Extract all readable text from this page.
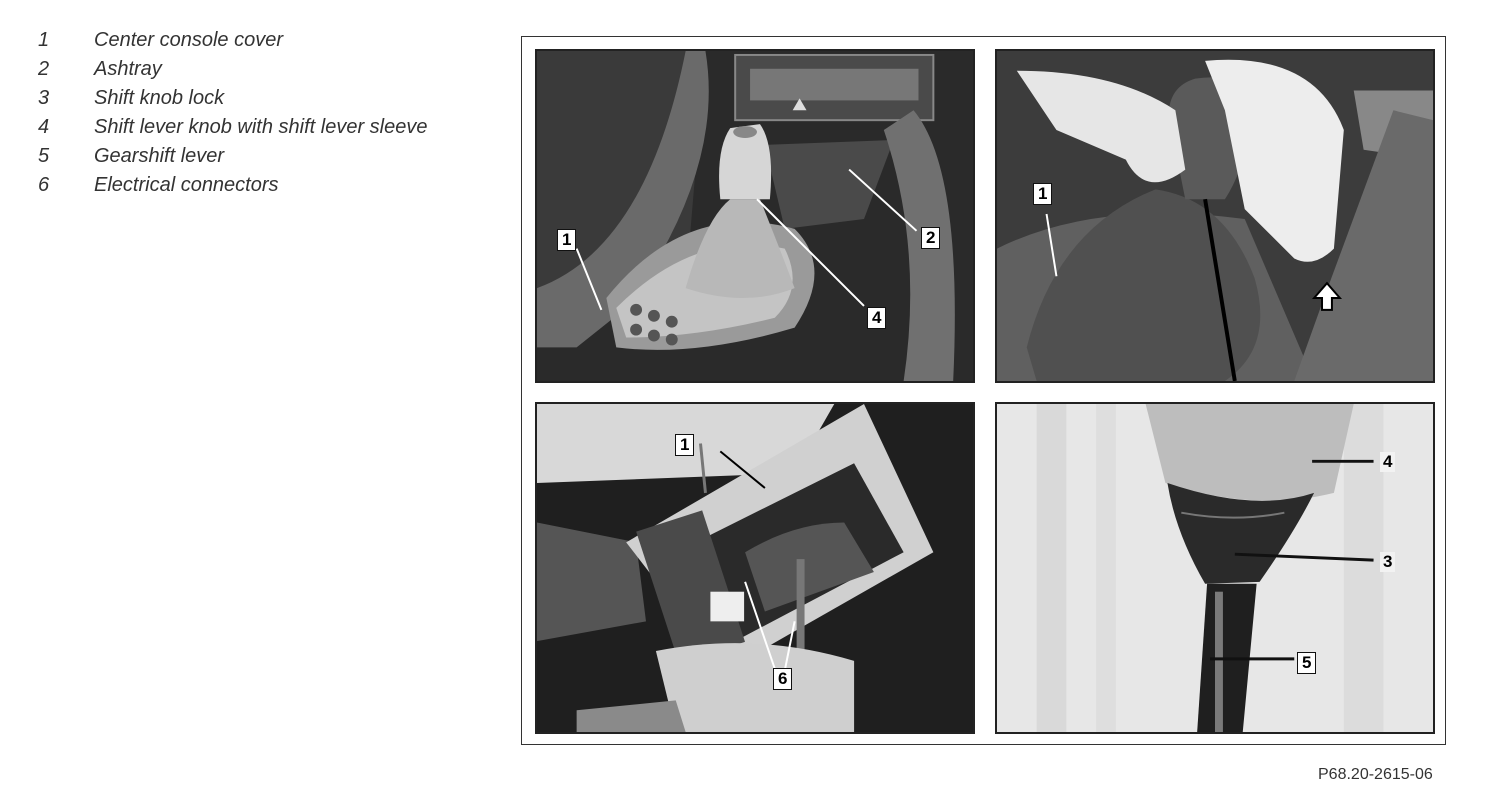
1	Center console cover
2	Ashtray
3	Shift knob lock
4	Shift lever knob with shift lever sleeve
5	Gearshift lever
6	Electrical connectors
1	2
4
1
1
6
4
3
5
P68.20-2615-06
